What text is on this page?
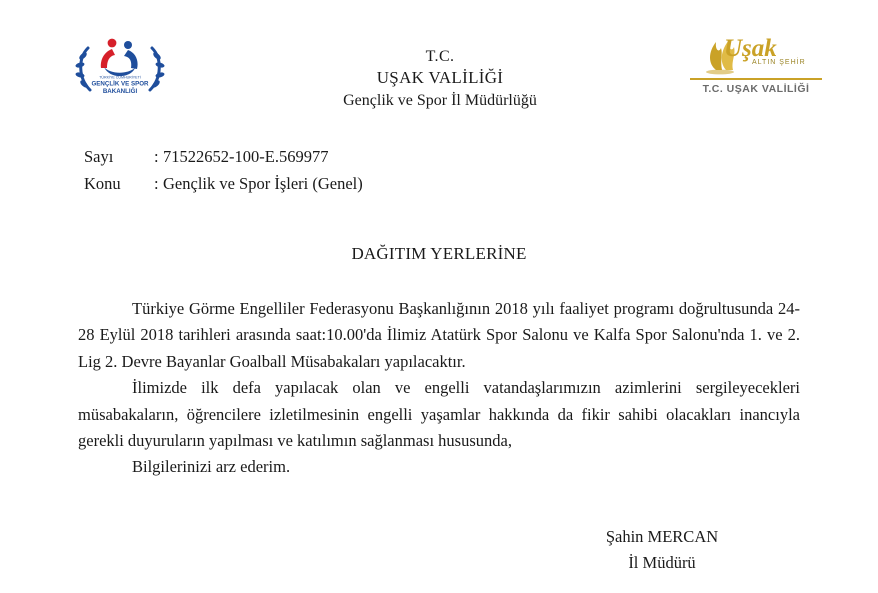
TÜRKİYE CUMHURİYETİ
GENÇLİK VE SPOR
BAKANLIĞI
T.C.
UŞAK VALİLİĞİ
Gençlik ve Spor İl Müdürlüğü
Uşak
ALTIN ŞEHİR
T.C. UŞAK VALİLİĞİ
Sayı	: 71522652-100-E.569977
Konu	: Gençlik ve Spor İşleri (Genel)
DAĞITIM YERLERİNE

Türkiye Görme Engelliler Federasyonu Başkanlığının 2018 yılı faaliyet programı doğrultusunda 24-28 Eylül 2018 tarihleri arasında saat:10.00'da İlimiz Atatürk Spor Salonu ve Kalfa Spor Salonu'nda 1. ve 2. Lig 2. Devre Bayanlar Goalball Müsabakaları yapılacaktır.

İlimizde ilk defa yapılacak olan ve engelli vatandaşlarımızın azimlerini sergileyecekleri müsabakaların, öğrencilere izletilmesinin engelli yaşamlar hakkında da fikir sahibi olacakları inancıyla gerekli duyuruların yapılması ve katılımın sağlanması hususunda,

Bilgilerinizi arz ederim.

Şahin MERCAN
İl Müdürü
